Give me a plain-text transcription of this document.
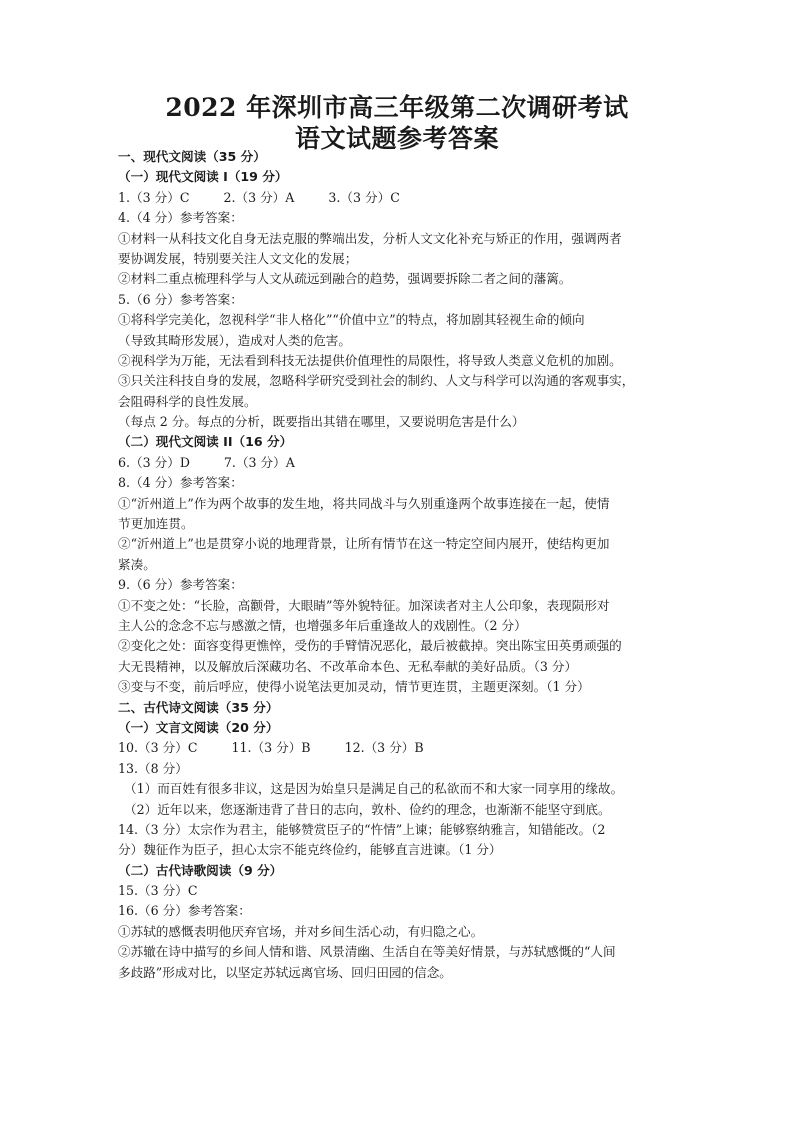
2022 年深圳市高三年级第二次调研考试
语文试题参考答案
一、现代文阅读（35 分）
（一）现代文阅读 I（19 分）
1.（3 分）C	2.（3 分）A	3.（3 分）C
4.（4 分）参考答案：
①材料一从科技文化自身无法克服的弊端出发，分析人文文化补充与矫正的作用，强调两者
要协调发展，特别要关注人文文化的发展；
②材料二重点梳理科学与人文从疏远到融合的趋势，强调要拆除二者之间的藩篱。
5.（6 分）参考答案：
①将科学完美化，忽视科学“非人格化”“价值中立”的特点，将加剧其轻视生命的倾向
（导致其畸形发展），造成对人类的危害。
②视科学为万能，无法看到科技无法提供价值理性的局限性，将导致人类意义危机的加剧。
③只关注科技自身的发展，忽略科学研究受到社会的制约、人文与科学可以沟通的客观事实，
会阻碍科学的良性发展。
（每点 2 分。每点的分析，既要指出其错在哪里，又要说明危害是什么）
（二）现代文阅读 II（16 分）
6.（3 分）D	7.（3 分）A
8.（4 分）参考答案：
①“沂州道上”作为两个故事的发生地，将共同战斗与久别重逢两个故事连接在一起，使情
节更加连贯。
②“沂州道上”也是贯穿小说的地理背景，让所有情节在这一特定空间内展开，使结构更加
紧凑。
9.（6 分）参考答案：
①不变之处：“长脸，高颧骨，大眼睛”等外貌特征。加深读者对主人公印象，表现陨形对
主人公的念念不忘与感激之情，也增强多年后重逢故人的戏剧性。（2 分）
②变化之处：面容变得更憔悴，受伤的手臂情况恶化，最后被截掉。突出陈宝田英勇顽强的
大无畏精神，以及解放后深藏功名、不改革命本色、无私奉献的美好品质。（3 分）
③变与不变，前后呼应，使得小说笔法更加灵动，情节更连贯，主题更深刻。（1 分）
二、古代诗文阅读（35 分）
（一）文言文阅读（20 分）
10.（3 分）C	11.（3 分）B	12.（3 分）B
13.（8 分）
（1）而百姓有很多非议，这是因为始皇只是满足自己的私欲而不和大家一同享用的缘故。
（2）近年以来，您逐渐违背了昔日的志向，敦朴、俭约的理念，也渐渐不能坚守到底。
14.（3 分）太宗作为君主，能够赞赏臣子的“忤情”上谏；能够察纳雅言，知错能改。（2
分）魏征作为臣子，担心太宗不能克终俭约，能够直言进谏。（1 分）
（二）古代诗歌阅读（9 分）
15.（3 分）C
16.（6 分）参考答案：
①苏轼的感慨表明他厌弃官场，并对乡间生活心动，有归隐之心。
②苏辙在诗中描写的乡间人情和谐、风景清幽、生活自在等美好情景，与苏轼感慨的“人间
多歧路”形成对比，以坚定苏轼远离官场、回归田园的信念。
